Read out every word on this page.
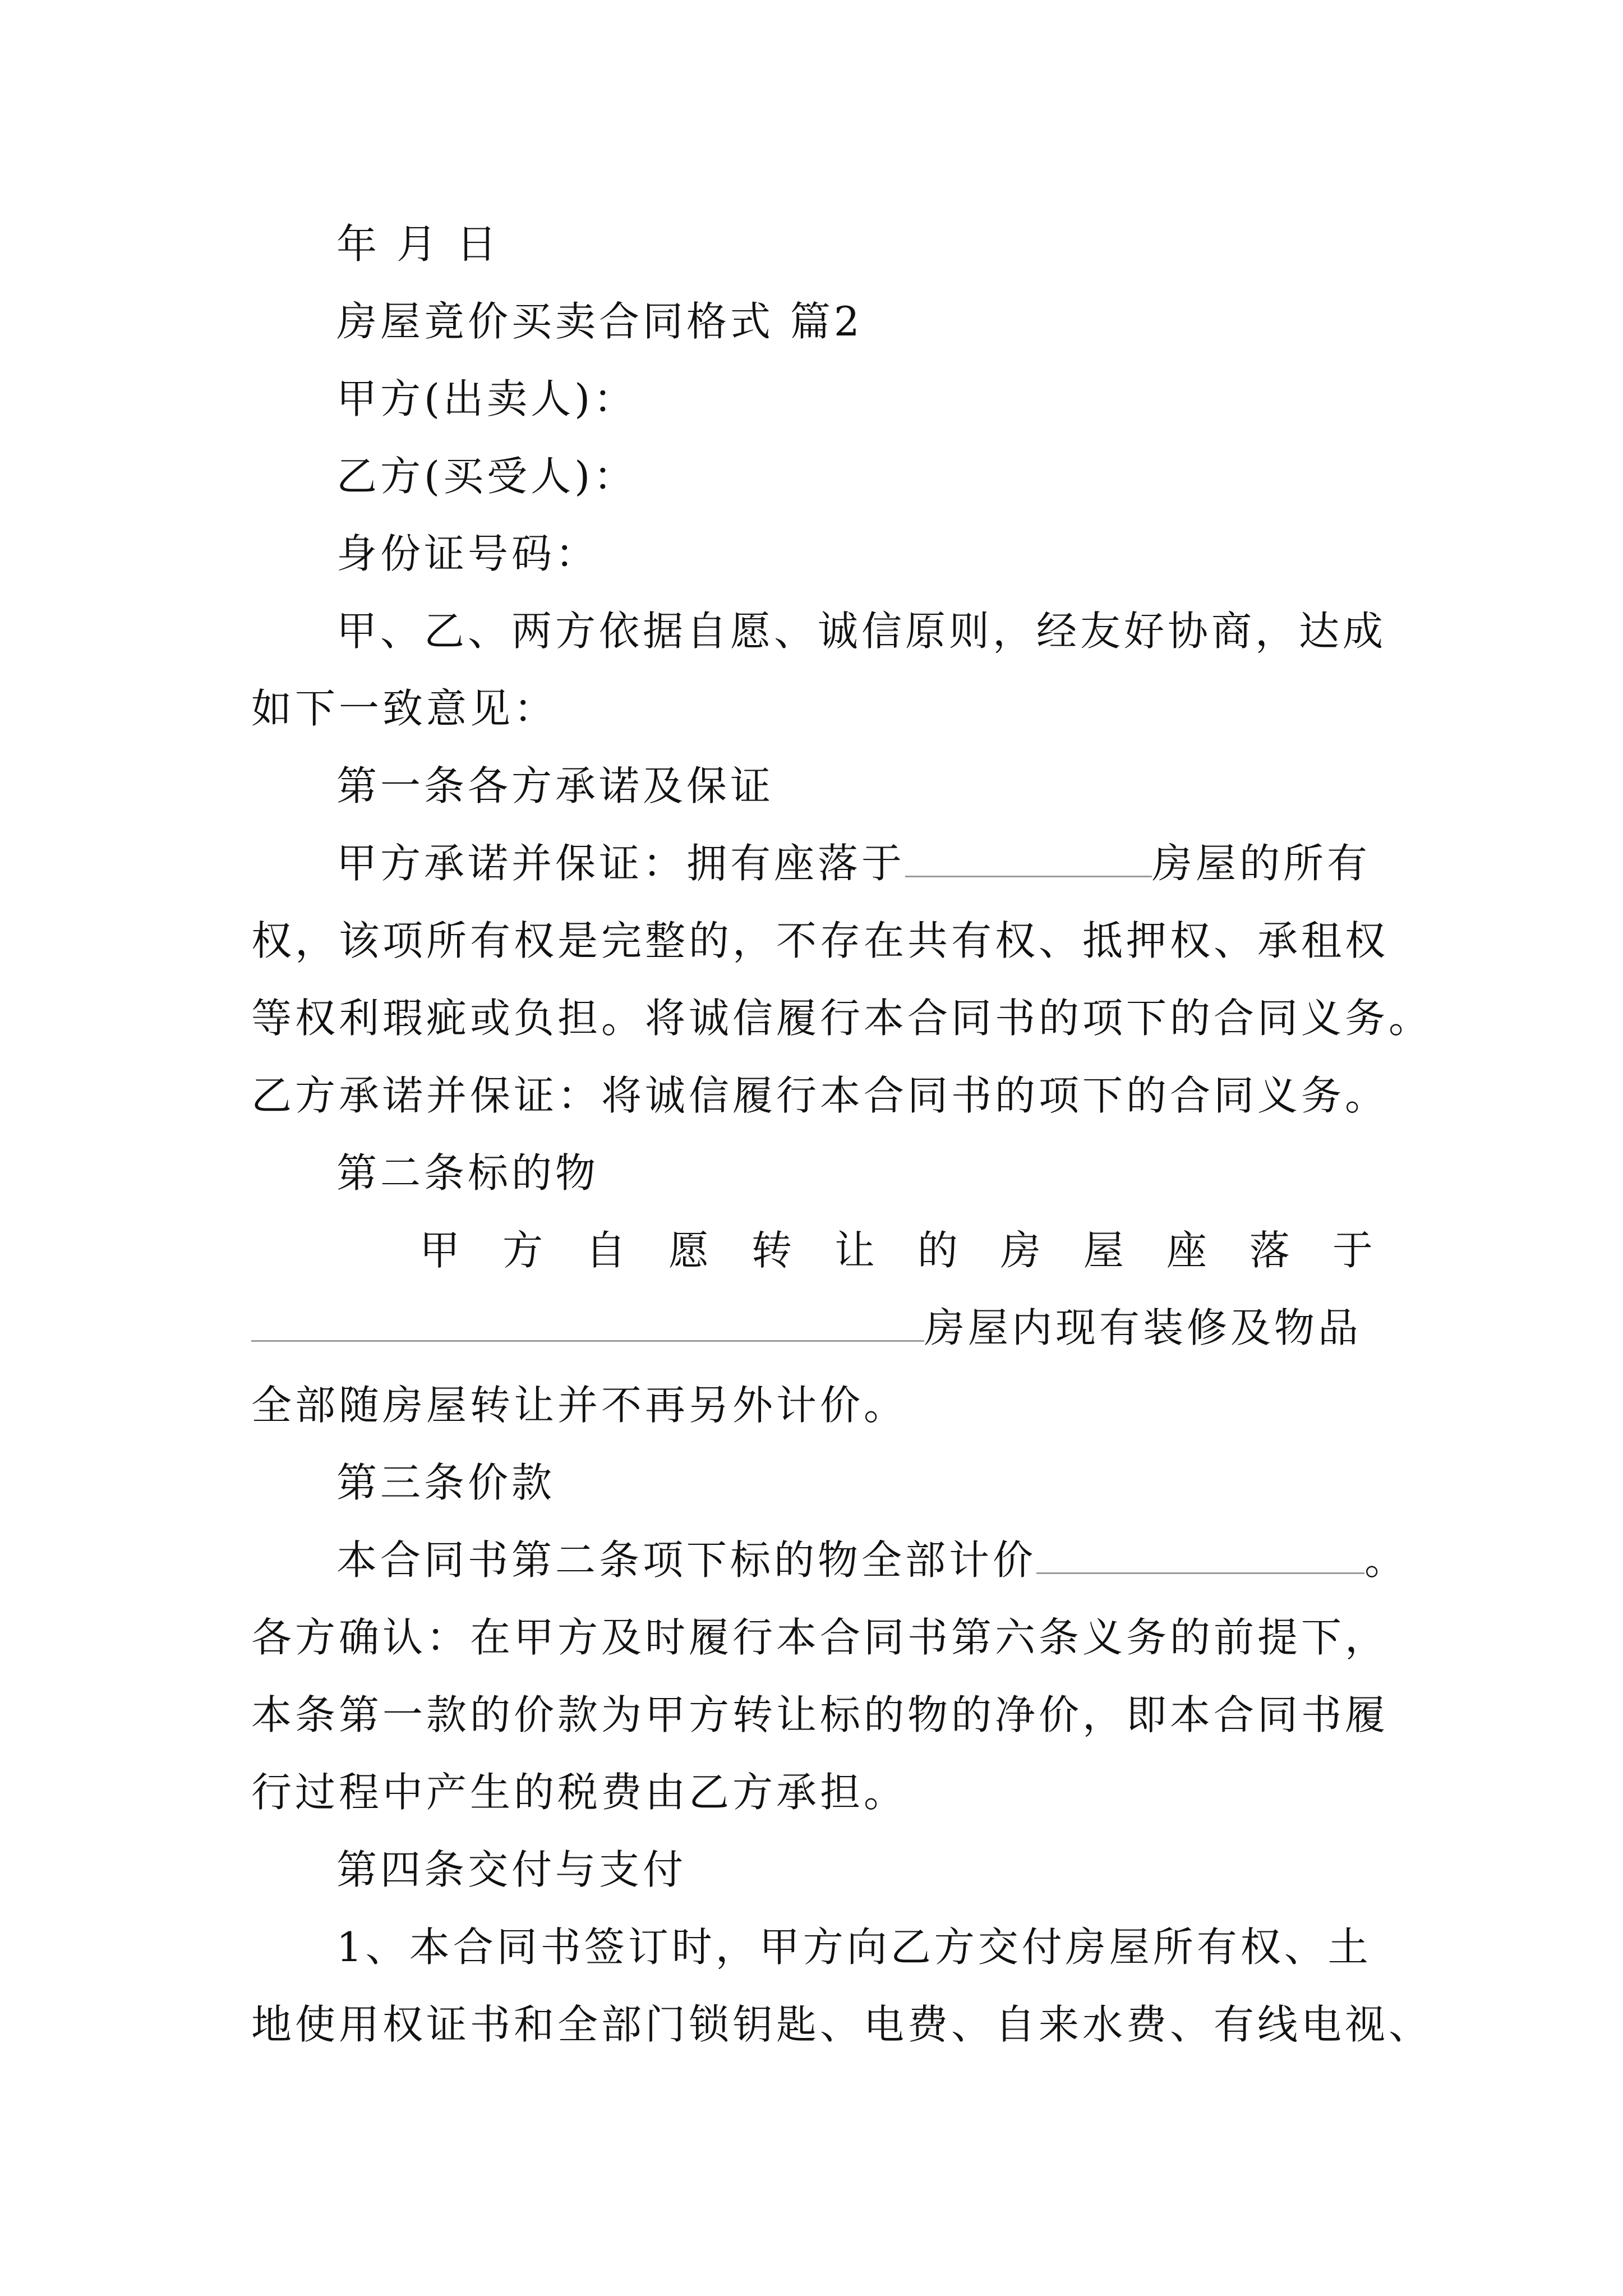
年 月 日
房屋竟价买卖合同格式 篇2
甲方(出卖人)：
乙方(买受人)：
身份证号码：
甲、乙、两方依据自愿、诚信原则，经友好协商，达成
如下一致意见：
第一条各方承诺及保证
甲方承诺并保证：拥有座落于	房屋的所有
权，该项所有权是完整的，不存在共有权、抵押权、承租权
等权利瑕疵或负担。将诚信履行本合同书的项下的合同义务。
乙方承诺并保证：将诚信履行本合同书的项下的合同义务。
第二条标的物
甲 方 自 愿 转 让 的 房 屋 座 落 于
房屋内现有装修及物品
全部随房屋转让并不再另外计价。
第三条价款
本合同书第二条项下标的物全部计价	。
各方确认：在甲方及时履行本合同书第六条义务的前提下，
本条第一款的价款为甲方转让标的物的净价，即本合同书履
行过程中产生的税费由乙方承担。
第四条交付与支付
1、本合同书签订时，甲方向乙方交付房屋所有权、土
地使用权证书和全部门锁钥匙、电费、自来水费、有线电视、
